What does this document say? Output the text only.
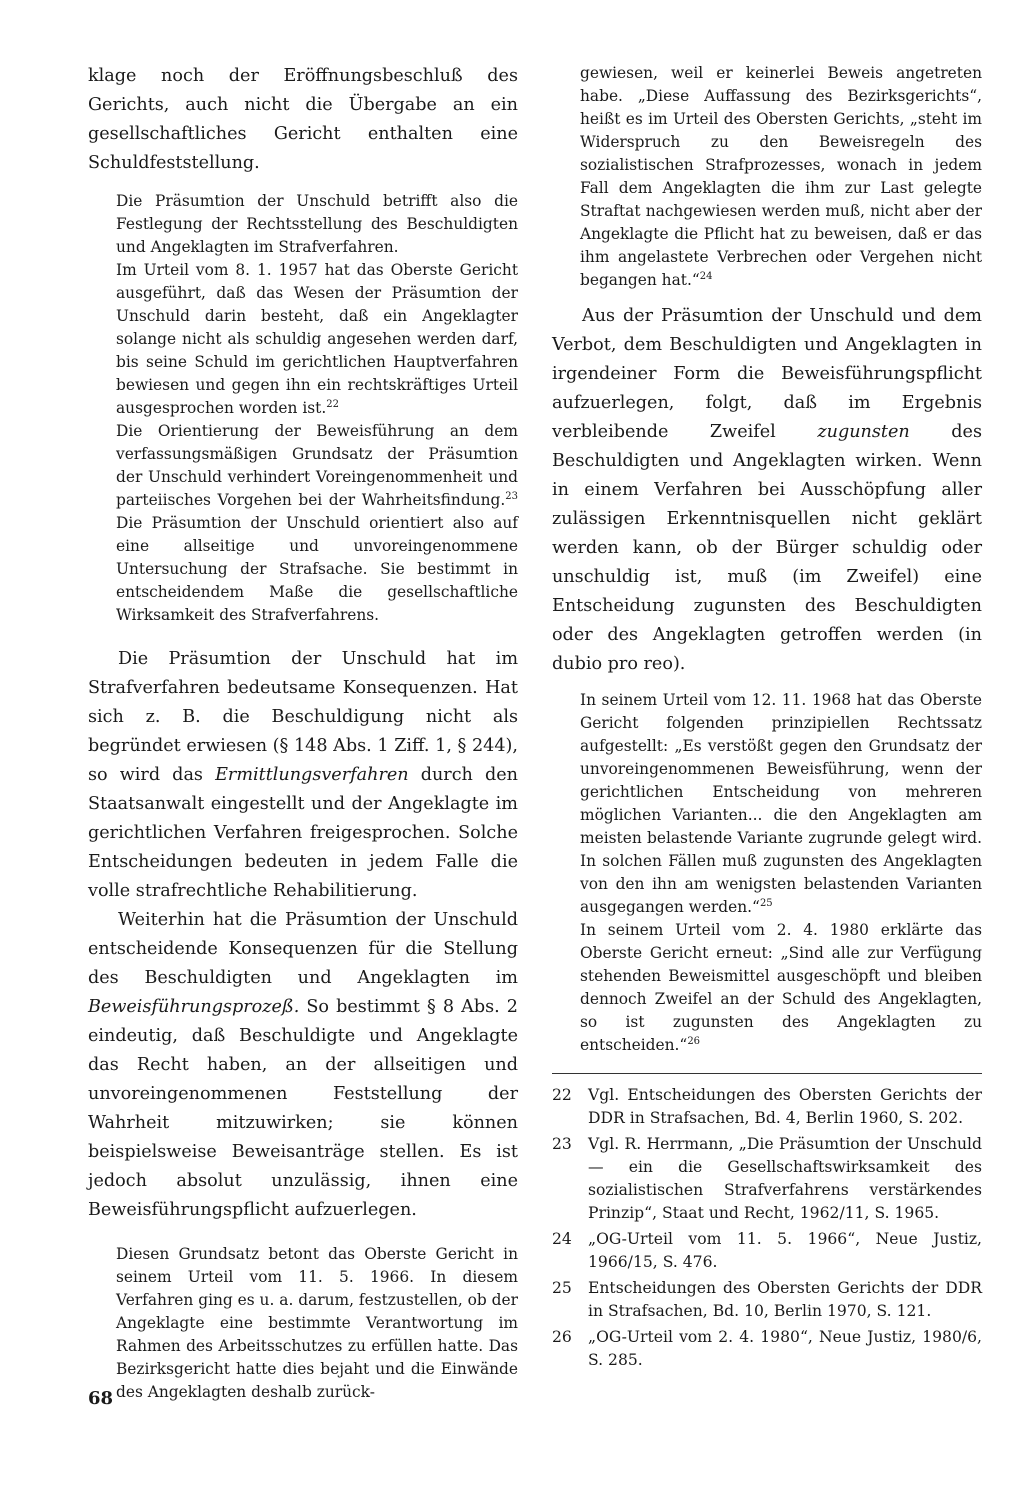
klage noch der Eröffnungsbeschluß des Gerichts, auch nicht die Übergabe an ein gesellschaftliches Gericht enthalten eine Schuldfeststellung.

Die Präsumtion der Unschuld betrifft also die Festlegung der Rechtsstellung des Beschuldigten und Angeklagten im Strafverfahren.

Im Urteil vom 8. 1. 1957 hat das Oberste Gericht ausgeführt, daß das Wesen der Präsumtion der Unschuld darin besteht, daß ein Angeklagter solange nicht als schuldig angesehen werden darf, bis seine Schuld im gerichtlichen Hauptverfahren bewiesen und gegen ihn ein rechtskräftiges Urteil ausgesprochen worden ist.$^{22}$

Die Orientierung der Beweisführung an dem verfassungsmäßigen Grundsatz der Präsumtion der Unschuld verhindert Voreingenommenheit und parteiisches Vorgehen bei der Wahrheitsfindung.$^{23}$ Die Präsumtion der Unschuld orientiert also auf eine allseitige und unvoreingenommene Untersuchung der Strafsache. Sie bestimmt in entscheidendem Maße die gesellschaftliche Wirksamkeit des Strafverfahrens.

Die Präsumtion der Unschuld hat im Strafverfahren bedeutsame Konsequenzen. Hat sich z. B. die Beschuldigung nicht als begründet erwiesen (§ 148 Abs. 1 Ziff. 1, § 244), so wird das Ermittlungsverfahren durch den Staatsanwalt eingestellt und der Angeklagte im gerichtlichen Verfahren freigesprochen. Solche Entscheidungen bedeuten in jedem Falle die volle strafrechtliche Rehabilitierung.

Weiterhin hat die Präsumtion der Unschuld entscheidende Konsequenzen für die Stellung des Beschuldigten und Angeklagten im Beweisführungsprozeß. So bestimmt § 8 Abs. 2 eindeutig, daß Beschuldigte und Angeklagte das Recht haben, an der allseitigen und unvoreingenommenen Feststellung der Wahrheit mitzuwirken; sie können beispielsweise Beweisanträge stellen. Es ist jedoch absolut unzulässig, ihnen eine Beweisführungspflicht aufzuerlegen.

Diesen Grundsatz betont das Oberste Gericht in seinem Urteil vom 11. 5. 1966. In diesem Verfahren ging es u. a. darum, festzustellen, ob der Angeklagte eine bestimmte Verantwortung im Rahmen des Arbeitsschutzes zu erfüllen hatte. Das Bezirksgericht hatte dies bejaht und die Einwände des Angeklagten deshalb zurück-

gewiesen, weil er keinerlei Beweis angetreten habe. „Diese Auffassung des Bezirksgerichts“, heißt es im Urteil des Obersten Gerichts, „steht im Widerspruch zu den Beweisregeln des sozialistischen Strafprozesses, wonach in jedem Fall dem Angeklagten die ihm zur Last gelegte Straftat nachgewiesen werden muß, nicht aber der Angeklagte die Pflicht hat zu beweisen, daß er das ihm angelastete Verbrechen oder Vergehen nicht begangen hat.“$^{24}$

Aus der Präsumtion der Unschuld und dem Verbot, dem Beschuldigten und Angeklagten in irgendeiner Form die Beweisführungspflicht aufzuerlegen, folgt, daß im Ergebnis verbleibende Zweifel zugunsten des Beschuldigten und Angeklagten wirken. Wenn in einem Verfahren bei Ausschöpfung aller zulässigen Erkenntnisquellen nicht geklärt werden kann, ob der Bürger schuldig oder unschuldig ist, muß (im Zweifel) eine Entscheidung zugunsten des Beschuldigten oder des Angeklagten getroffen werden (in dubio pro reo).

In seinem Urteil vom 12. 11. 1968 hat das Oberste Gericht folgenden prinzipiellen Rechtssatz aufgestellt: „Es verstößt gegen den Grundsatz der unvoreingenommenen Beweisführung, wenn der gerichtlichen Entscheidung von mehreren möglichen Varianten... die den Angeklagten am meisten belastende Variante zugrunde gelegt wird. In solchen Fällen muß zugunsten des Angeklagten von den ihn am wenigsten belastenden Varianten ausgegangen werden.“$^{25}$

In seinem Urteil vom 2. 4. 1980 erklärte das Oberste Gericht erneut: „Sind alle zur Verfügung stehenden Beweismittel ausgeschöpft und bleiben dennoch Zweifel an der Schuld des Angeklagten, so ist zugunsten des Angeklagten zu entscheiden.“$^{26}$

22	Vgl. Entscheidungen des Obersten Gerichts der DDR in Strafsachen, Bd. 4, Berlin 1960, S. 202.
23	Vgl. R. Herrmann, „Die Präsumtion der Unschuld — ein die Gesellschaftswirksamkeit des sozialistischen Strafverfahrens verstärkendes Prinzip“, Staat und Recht, 1962/11, S. 1965.
24	„OG-Urteil vom 11. 5. 1966“, Neue Justiz, 1966/15, S. 476.
25	Entscheidungen des Obersten Gerichts der DDR in Strafsachen, Bd. 10, Berlin 1970, S. 121.
26	„OG-Urteil vom 2. 4. 1980“, Neue Justiz, 1980/6, S. 285.
68
